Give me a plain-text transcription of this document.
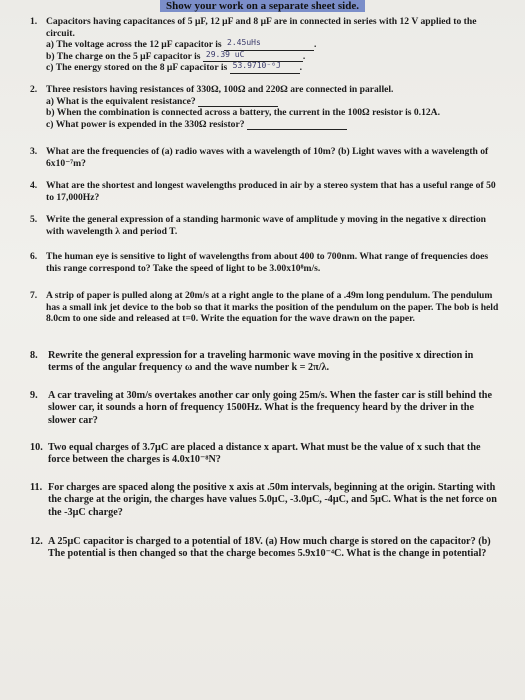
Show your work on a separate sheet side.
1. Capacitors having capacitances of 5 μF, 12 μF and 8 μF are in connected in series with 12 V applied to the circuit.
a) The voltage across the 12 μF capacitor is 2.45uHs	.
b) The charge on the 5 μF capacitor is 29.39 uC	.
c) The energy stored on the 8 μF capacitor is 53.9710⁻⁶J .
2. Three resistors having resistances of 330Ω, 100Ω and 220Ω are connected in parallel.
a) What is the equivalent resistance?
b) When the combination is connected across a battery, the current in the 100Ω resistor is 0.12A.
c) What power is expended in the 330Ω resistor?
3. What are the frequencies of (a) radio waves with a wavelength of 10m? (b) Light waves with a wavelength of 6x10⁻⁷m?
4. What are the shortest and longest wavelengths produced in air by a stereo system that has a useful range of 50 to 17,000Hz?
5. Write the general expression of a standing harmonic wave of amplitude y moving in the negative x direction with wavelength λ and period T.
6. The human eye is sensitive to light of wavelengths from about 400 to 700nm. What range of frequencies does this range correspond to? Take the speed of light to be 3.00x10⁸m/s.
7. A strip of paper is pulled along at 20m/s at a right angle to the plane of a .49m long pendulum. The pendulum has a small ink jet device to the bob so that it marks the position of the pendulum on the paper. The bob is held 8.0cm to one side and released at t=0. Write the equation for the wave drawn on the paper.
8. Rewrite the general expression for a traveling harmonic wave moving in the positive x direction in terms of the angular frequency ω and the wave number k = 2π/λ.
9. A car traveling at 30m/s overtakes another car only going 25m/s. When the faster car is still behind the slower car, it sounds a horn of frequency 1500Hz. What is the frequency heard by the driver in the slower car?
10. Two equal charges of 3.7μC are placed a distance x apart. What must be the value of x such that the force between the charges is 4.0x10⁻⁸N?
11. For charges are spaced along the positive x axis at .50m intervals, beginning at the origin. Starting with the charge at the origin, the charges have values 5.0μC, -3.0μC, -4μC, and 5μC. What is the net force on the -3μC charge?
12. A 25μC capacitor is charged to a potential of 18V. (a) How much charge is stored on the capacitor? (b) The potential is then changed so that the charge becomes 5.9x10⁻⁴C. What is the change in potential?
